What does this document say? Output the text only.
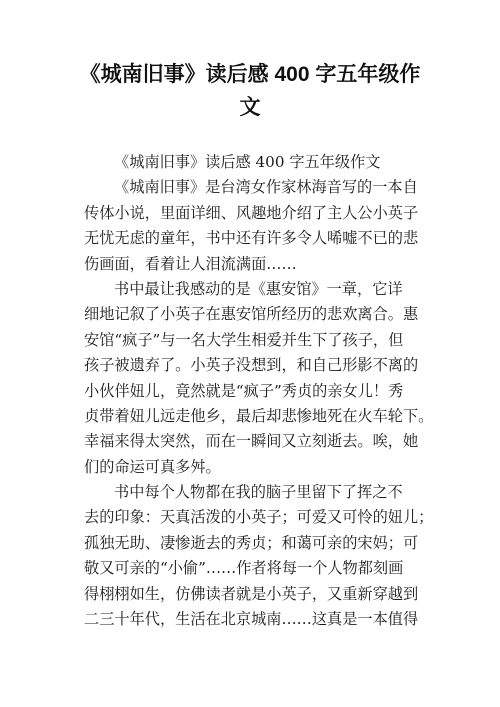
《城南旧事》读后感 400 字五年级作
文
《城南旧事》读后感 400 字五年级作文
《城南旧事》是台湾女作家林海音写的一本自
传体小说，里面详细、风趣地介绍了主人公小英子
无忧无虑的童年，书中还有许多令人唏嘘不已的悲
伤画面，看着让人泪流满面……
书中最让我感动的是《惠安馆》一章，它详
细地记叙了小英子在惠安馆所经历的悲欢离合。惠
安馆“疯子”与一名大学生相爱并生下了孩子，但
孩子被遗弃了。小英子没想到，和自己形影不离的
小伙伴妞儿，竟然就是“疯子”秀贞的亲女儿！秀
贞带着妞儿远走他乡，最后却悲惨地死在火车轮下。
幸福来得太突然，而在一瞬间又立刻逝去。唉，她
们的命运可真多舛。
书中每个人物都在我的脑子里留下了挥之不
去的印象：天真活泼的小英子；可爱又可怜的妞儿；
孤独无助、凄惨逝去的秀贞；和蔼可亲的宋妈；可
敬又可亲的“小偷”……作者将每一个人物都刻画
得栩栩如生，仿佛读者就是小英子，又重新穿越到
二三十年代，生活在北京城南……这真是一本值得
